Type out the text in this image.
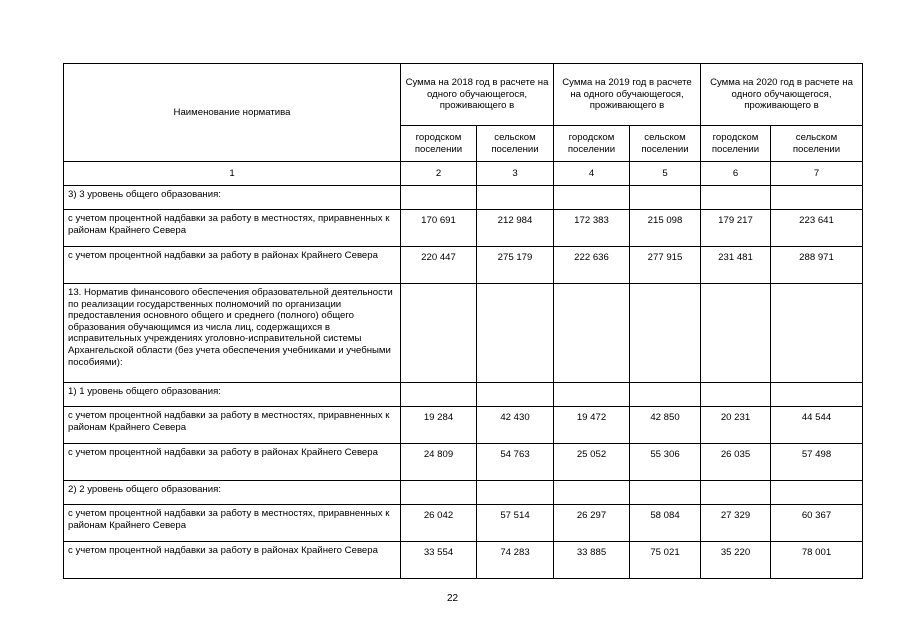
Наименование норматива	Сумма на 2018 год в расчете на одного обучающегося, проживающего в		Сумма на 2019 год в расчете на одного обучающегося, проживающего в		Сумма на 2020 год в расчете на одного обучающегося, проживающего в	
	городском поселении	сельском поселении	городском поселении	сельском поселении	городском поселении	сельском поселении
1	2	3	4	5	6	7
3) 3 уровень общего образования:						
с учетом процентной надбавки за работу в местностях, приравненных к районам Крайнего Севера	170 691	212 984	172 383	215 098	179 217	223 641
с учетом процентной надбавки за работу в районах Крайнего Севера	220 447	275 179	222 636	277 915	231 481	288 971
13. Норматив финансового обеспечения образовательной деятельности по реализации государственных полномочий по организации предоставления основного общего и среднего (полного) общего образования обучающимся из числа лиц, содержащихся в исправительных учреждениях уголовно-исправительной системы Архангельской области (без учета обеспечения учебниками и учебными пособиями):						
1) 1 уровень общего образования:						
с учетом процентной надбавки за работу в местностях, приравненных к районам Крайнего Севера	19 284	42 430	19 472	42 850	20 231	44 544
с учетом процентной надбавки за работу в районах Крайнего Севера	24 809	54 763	25 052	55 306	26 035	57 498
2) 2 уровень общего образования:						
с учетом процентной надбавки за работу в местностях, приравненных к районам Крайнего Севера	26 042	57 514	26 297	58 084	27 329	60 367
с учетом процентной надбавки за работу в районах Крайнего Севера	33 554	74 283	33 885	75 021	35 220	78 001
22
